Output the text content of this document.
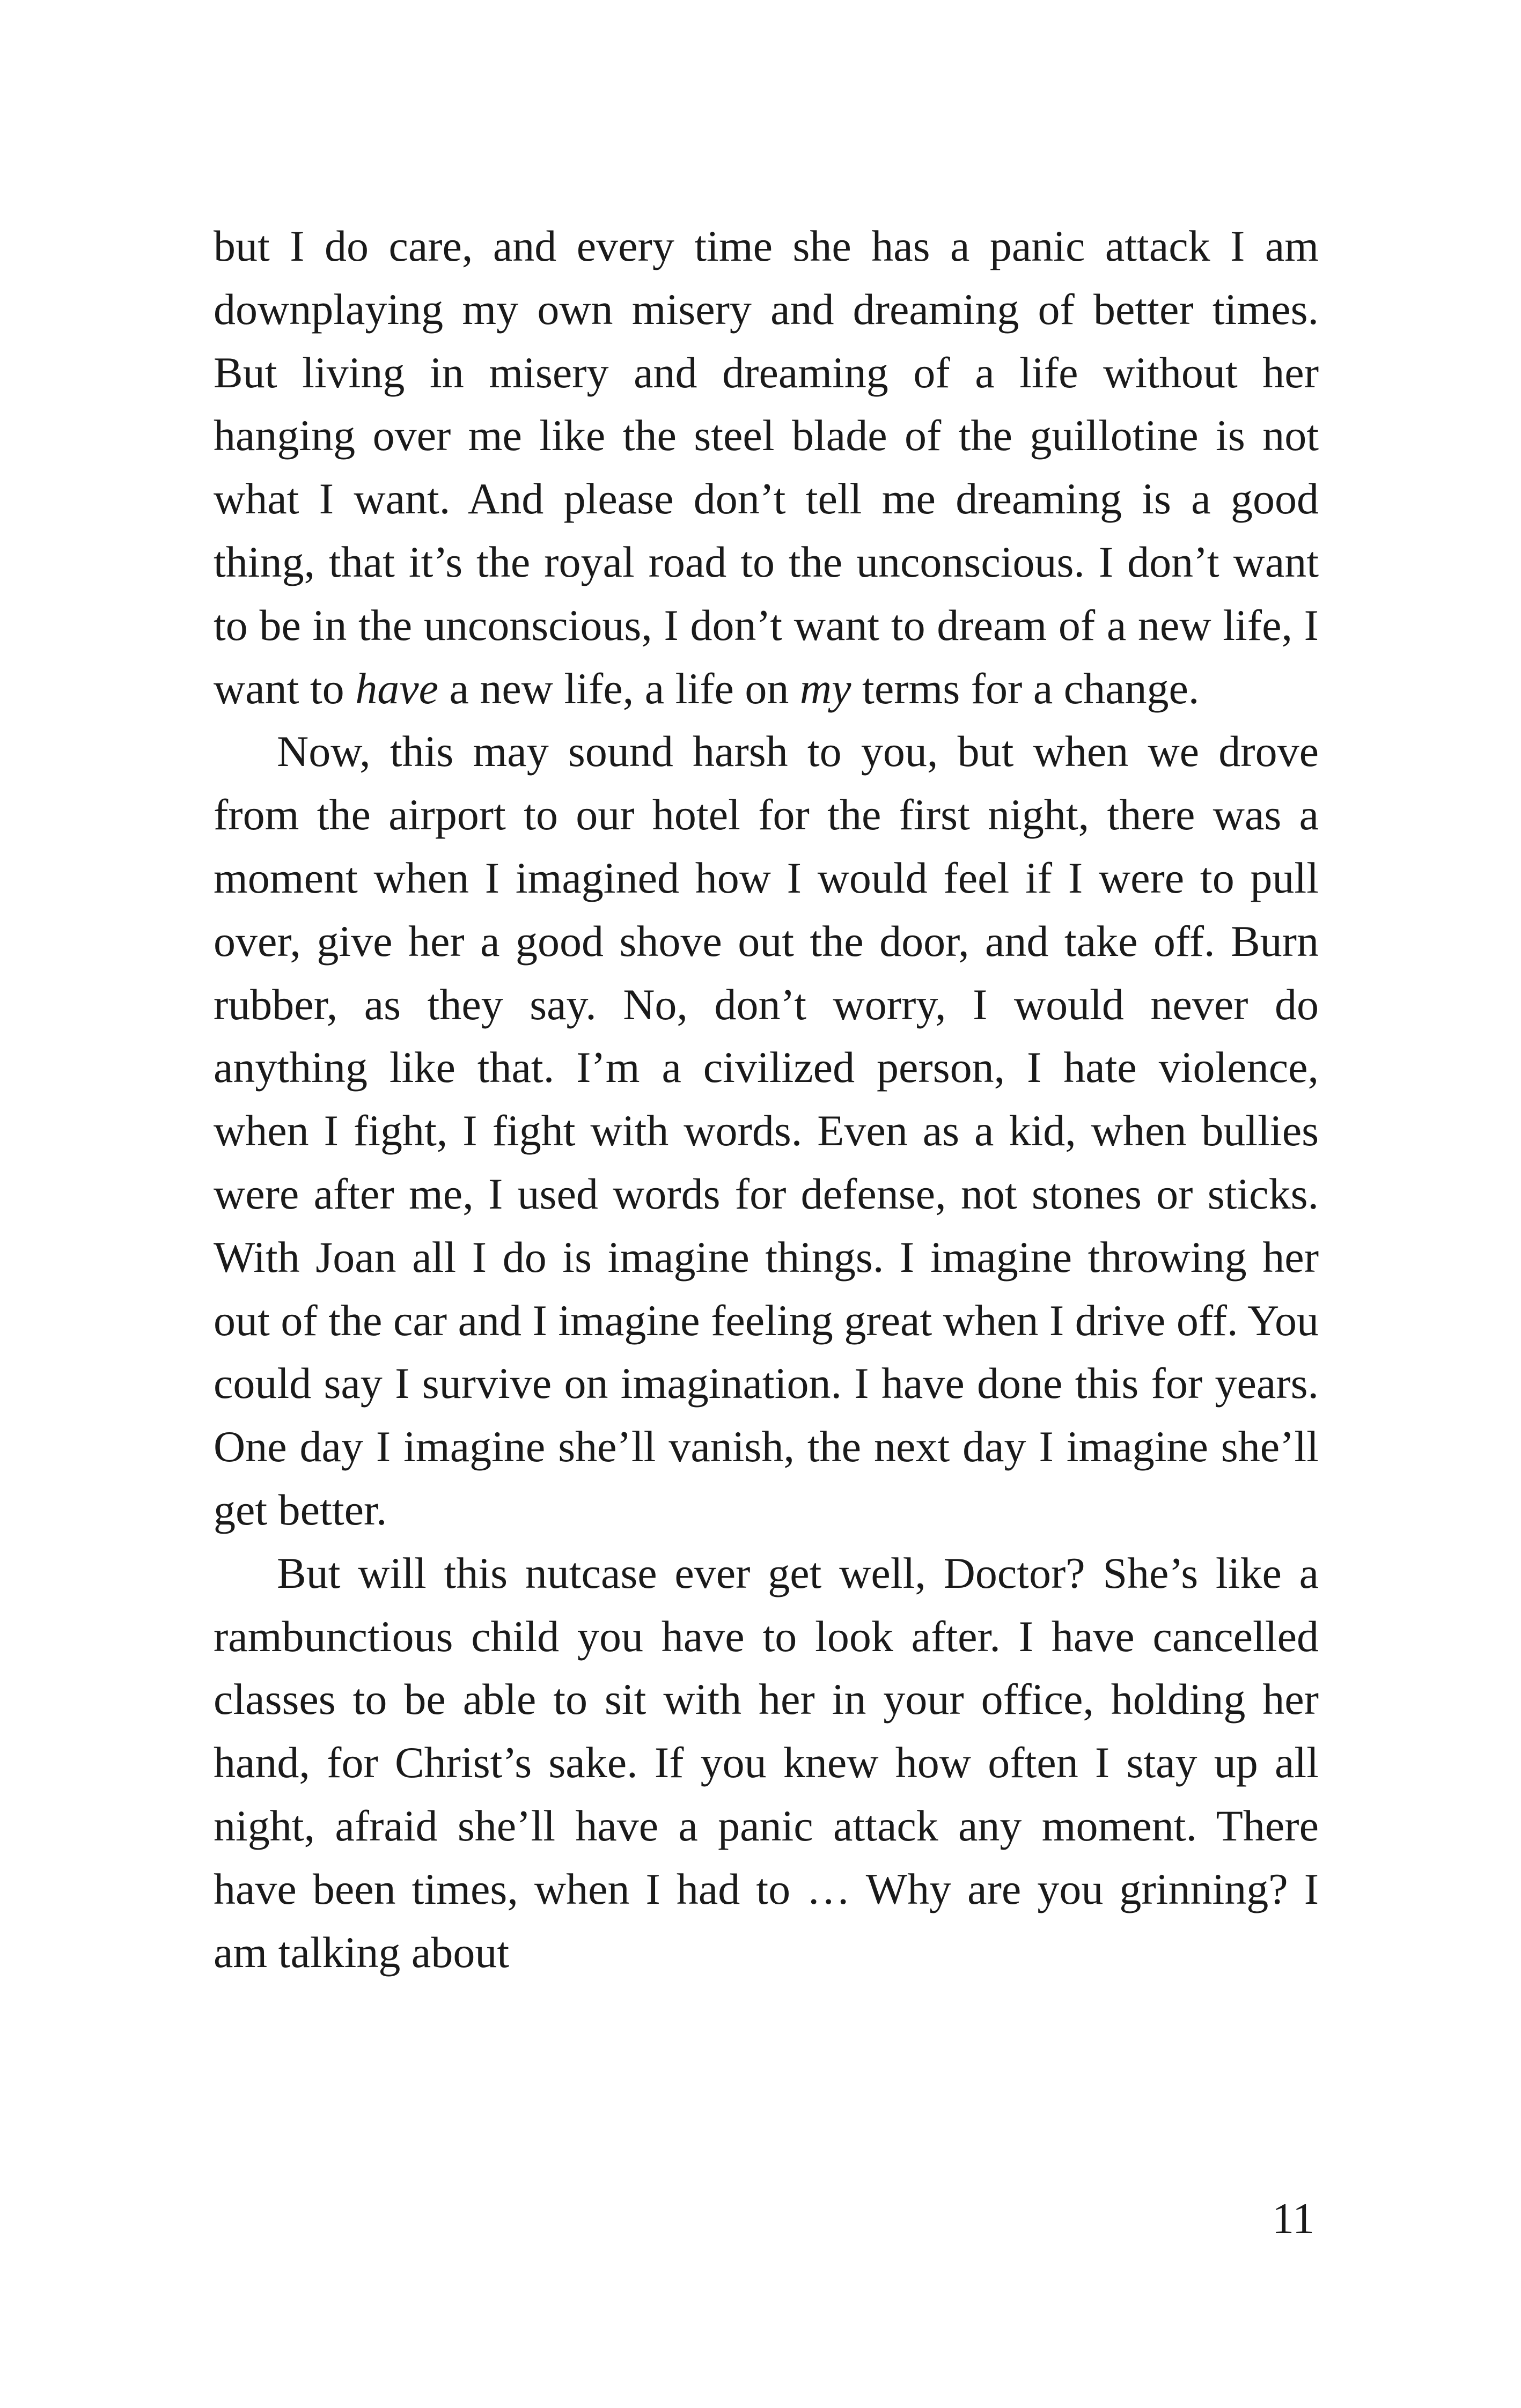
but I do care, and every time she has a panic attack I am downplaying my own misery and dreaming of better times. But living in misery and dreaming of a life without her hanging over me like the steel blade of the guillotine is not what I want. And please don’t tell me dreaming is a good thing, that it’s the royal road to the unconscious. I don’t want to be in the unconscious, I don’t want to dream of a new life, I want to have a new life, a life on my terms for a change.

Now, this may sound harsh to you, but when we drove from the airport to our hotel for the first night, there was a moment when I imagined how I would feel if I were to pull over, give her a good shove out the door, and take off. Burn rubber, as they say. No, don’t worry, I would never do anything like that. I’m a civilized person, I hate violence, when I fight, I fight with words. Even as a kid, when bullies were after me, I used words for defense, not stones or sticks. With Joan all I do is imagine things. I imagine throwing her out of the car and I imagine feeling great when I drive off. You could say I survive on imagination. I have done this for years. One day I imagine she’ll vanish, the next day I imagine she’ll get better.

But will this nutcase ever get well, Doctor? She’s like a rambunctious child you have to look after. I have cancelled classes to be able to sit with her in your office, holding her hand, for Christ’s sake. If you knew how often I stay up all night, afraid she’ll have a panic attack any moment. There have been times, when I had to … Why are you grinning? I am talking about

11
